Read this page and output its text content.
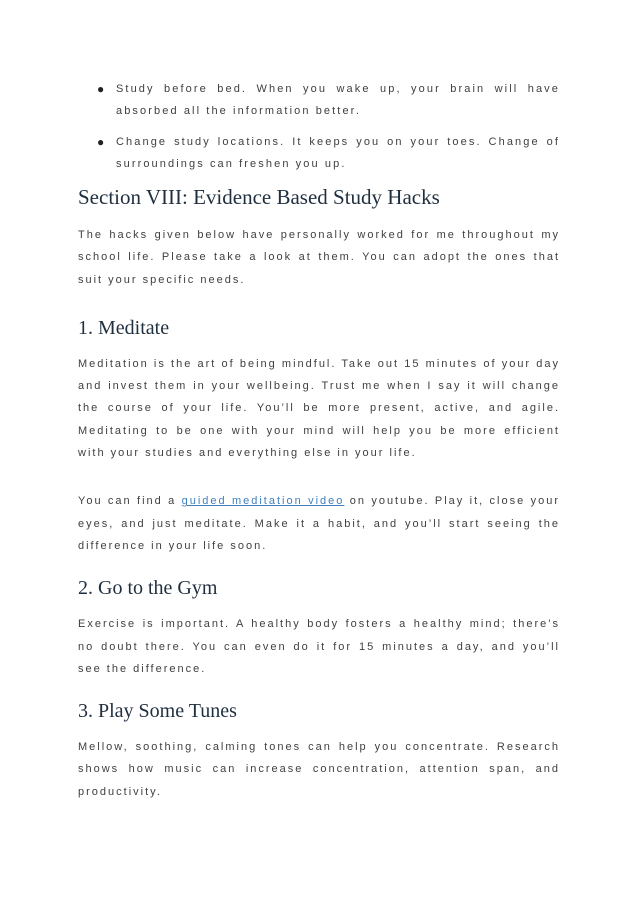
● Study before bed. When you wake up, your brain will have absorbed all the information better.
● Change study locations. It keeps you on your toes. Change of surroundings can freshen you up.
Section VIII: Evidence Based Study Hacks

The hacks given below have personally worked for me throughout my school life. Please take a look at them. You can adopt the ones that suit your specific needs.

1. Meditate

Meditation is the art of being mindful. Take out 15 minutes of your day and invest them in your wellbeing. Trust me when I say it will change the course of your life. You’ll be more present, active, and agile. Meditating to be one with your mind will help you be more efficient with your studies and everything else in your life.

You can find a guided meditation video on youtube. Play it, close your eyes, and just meditate. Make it a habit, and you’ll start seeing the difference in your life soon.

2. Go to the Gym

Exercise is important. A healthy body fosters a healthy mind; there’s no doubt there. You can even do it for 15 minutes a day, and you’ll see the difference.

3. Play Some Tunes

Mellow, soothing, calming tones can help you concentrate. Research shows how music can increase concentration, attention span, and productivity.
